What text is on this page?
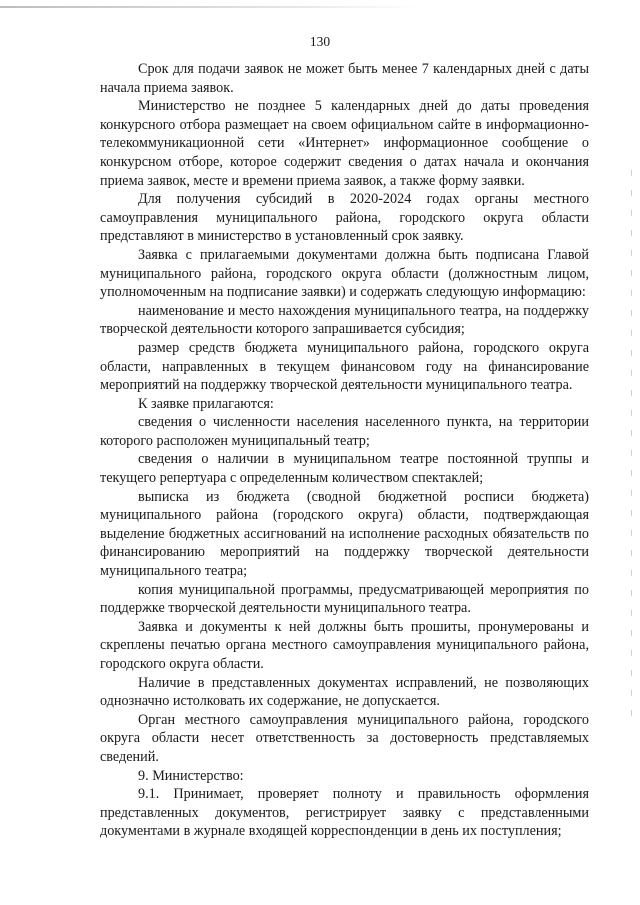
130

Срок для подачи заявок не может быть менее 7 календарных дней с даты начала приема заявок.

Министерство не позднее 5 календарных дней до даты проведения конкурсного отбора размещает на своем официальном сайте в информационно-телекоммуникационной сети «Интернет» информационное сообщение о конкурсном отборе, которое содержит сведения о датах начала и окончания приема заявок, месте и времени приема заявок, а также форму заявки.

Для получения субсидий в 2020-2024 годах органы местного самоуправления муниципального района, городского округа области представляют в министерство в установленный срок заявку.

Заявка с прилагаемыми документами должна быть подписана Главой муниципального района, городского округа области (должностным лицом, уполномоченным на подписание заявки) и содержать следующую информацию:

наименование и место нахождения муниципального театра, на поддержку творческой деятельности которого запрашивается субсидия;

размер средств бюджета муниципального района, городского округа области, направленных в текущем финансовом году на финансирование мероприятий на поддержку творческой деятельности муниципального театра.

К заявке прилагаются:

сведения о численности населения населенного пункта, на территории которого расположен муниципальный театр;

сведения о наличии в муниципальном театре постоянной труппы и текущего репертуара с определенным количеством спектаклей;

выписка из бюджета (сводной бюджетной росписи бюджета) муниципального района (городского округа) области, подтверждающая выделение бюджетных ассигнований на исполнение расходных обязательств по финансированию мероприятий на поддержку творческой деятельности муниципального театра;

копия муниципальной программы, предусматривающей мероприятия по поддержке творческой деятельности муниципального театра.

Заявка и документы к ней должны быть прошиты, пронумерованы и скреплены печатью органа местного самоуправления муниципального района, городского округа области.

Наличие в представленных документах исправлений, не позволяющих однозначно истолковать их содержание, не допускается.

Орган местного самоуправления муниципального района, городского округа области несет ответственность за достоверность представляемых сведений.

9. Министерство:

9.1. Принимает, проверяет полноту и правильность оформления представленных документов, регистрирует заявку с представленными документами в журнале входящей корреспонденции в день их поступления;
